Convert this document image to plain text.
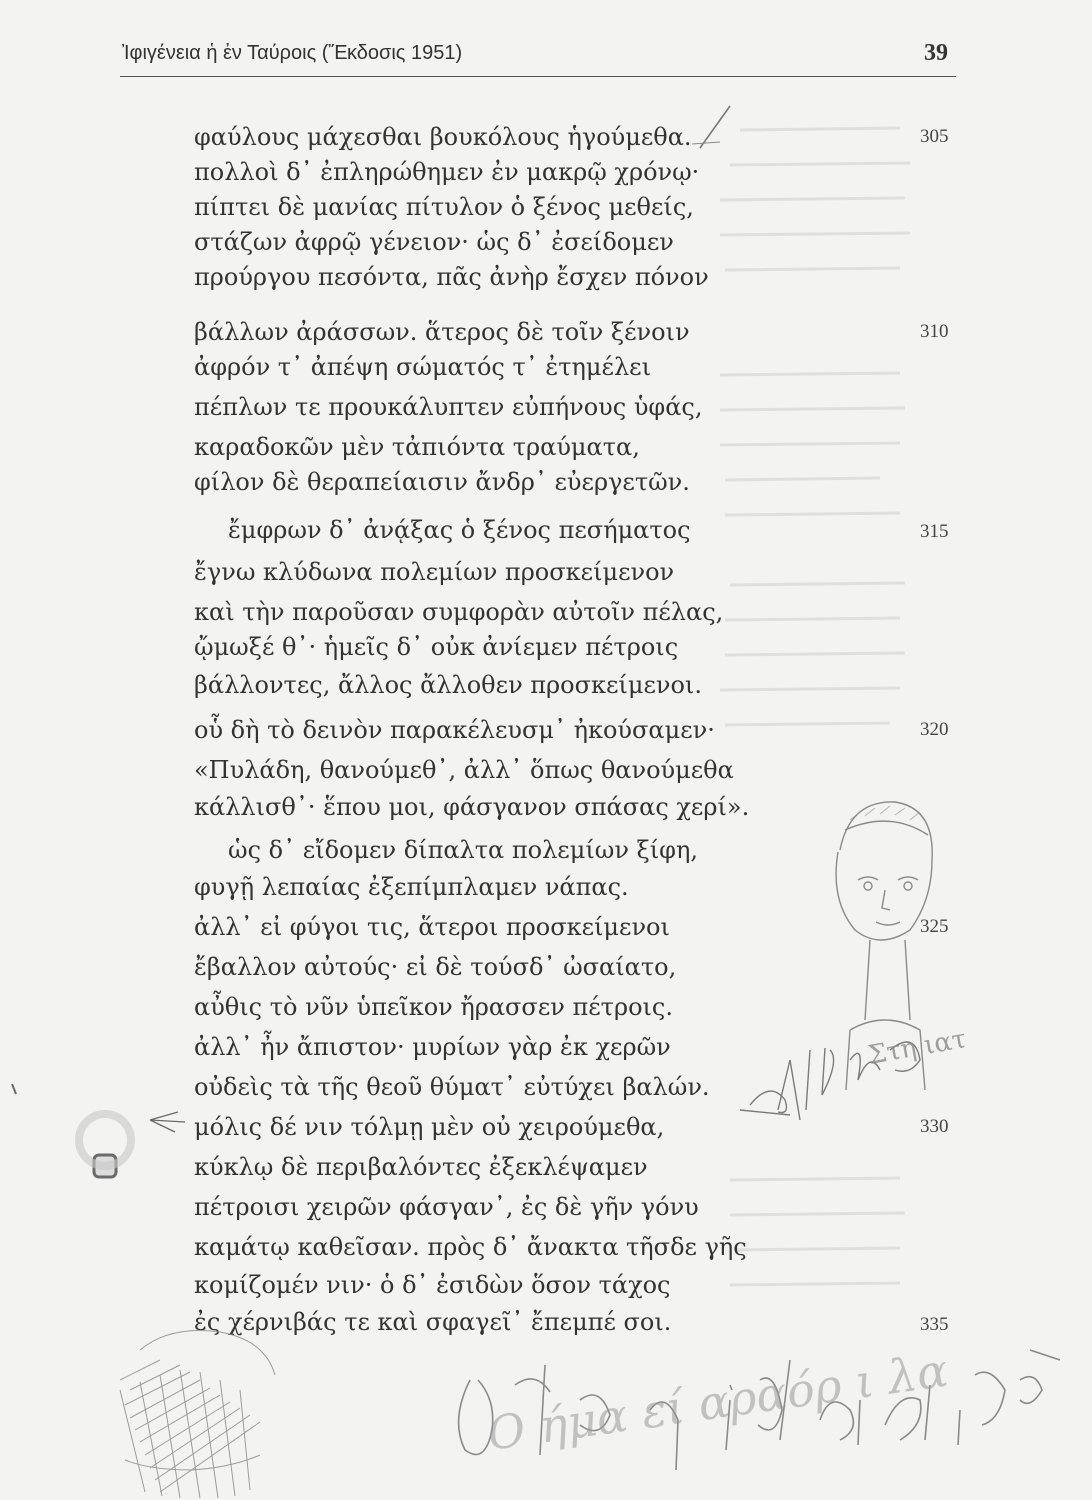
Ἰφιγένεια ἡ ἐν Ταύροις (Ἔκδοσις 1951)	39
φαύλους μάχεσθαι βουκόλους ἡγούμεθα.
πολλοὶ δ᾽ ἐπληρώθημεν ἐν μακρῷ χρόνῳ·
πίπτει δὲ μανίας πίτυλον ὁ ξένος μεθείς,
στάζων ἀφρῷ γένειον· ὡς δ᾽ ἐσείδομεν
προύργου πεσόντα, πᾶς ἀνὴρ ἔσχεν πόνον
βάλλων ἀράσσων. ἅτερος δὲ τοῖν ξένοιν
ἀφρόν τ᾽ ἀπέψη σώματός τ᾽ ἐτημέλει
πέπλων τε προυκάλυπτεν εὐπήνους ὑφάς,
καραδοκῶν μὲν τἀπιόντα τραύματα,
φίλον δὲ θεραπείαισιν ἄνδρ᾽ εὐεργετῶν.
ἔμφρων δ᾽ ἀνᾴξας ὁ ξένος πεσήματος
ἔγνω κλύδωνα πολεμίων προσκείμενον
καὶ τὴν παροῦσαν συμφορὰν αὐτοῖν πέλας,
ᾤμωξέ θ᾽· ἡμεῖς δ᾽ οὐκ ἀνίεμεν πέτροις
βάλλοντες, ἄλλος ἄλλοθεν προσκείμενοι.
οὗ δὴ τὸ δεινὸν παρακέλευσμ᾽ ἠκούσαμεν·
«Πυλάδη, θανούμεθ᾽, ἀλλ᾽ ὅπως θανούμεθα
κάλλισθ᾽· ἕπου μοι, φάσγανον σπάσας χερί».
ὡς δ᾽ εἴδομεν δίπαλτα πολεμίων ξίφη,
φυγῇ λεπαίας ἐξεπίμπλαμεν νάπας.
ἀλλ᾽ εἰ φύγοι τις, ἅτεροι προσκείμενοι
ἔβαλλον αὐτούς· εἰ δὲ τούσδ᾽ ὠσαίατο,
αὖθις τὸ νῦν ὑπεῖκον ἤρασσεν πέτροις.
ἀλλ᾽ ἦν ἄπιστον· μυρίων γὰρ ἐκ χερῶν
οὐδεὶς τὰ τῆς θεοῦ θύματ᾽ εὐτύχει βαλών.
μόλις δέ νιν τόλμῃ μὲν οὐ χειρούμεθα,
κύκλῳ δὲ περιβαλόντες ἐξεκλέψαμεν
πέτροισι χειρῶν φάσγαν᾽, ἐς δὲ γῆν γόνυ
καμάτῳ καθεῖσαν. πρὸς δ᾽ ἄνακτα τῆσδε γῆς
κομίζομέν νιν· ὁ δ᾽ ἐσιδὼν ὅσον τάχος
ἐς χέρνιβάς τε καὶ σφαγεῖ᾽ ἔπεμπέ σοι.
305
310
315
320
325
330
335
Στη ιατ
Ο ήμα εί αραόρ ι λα
